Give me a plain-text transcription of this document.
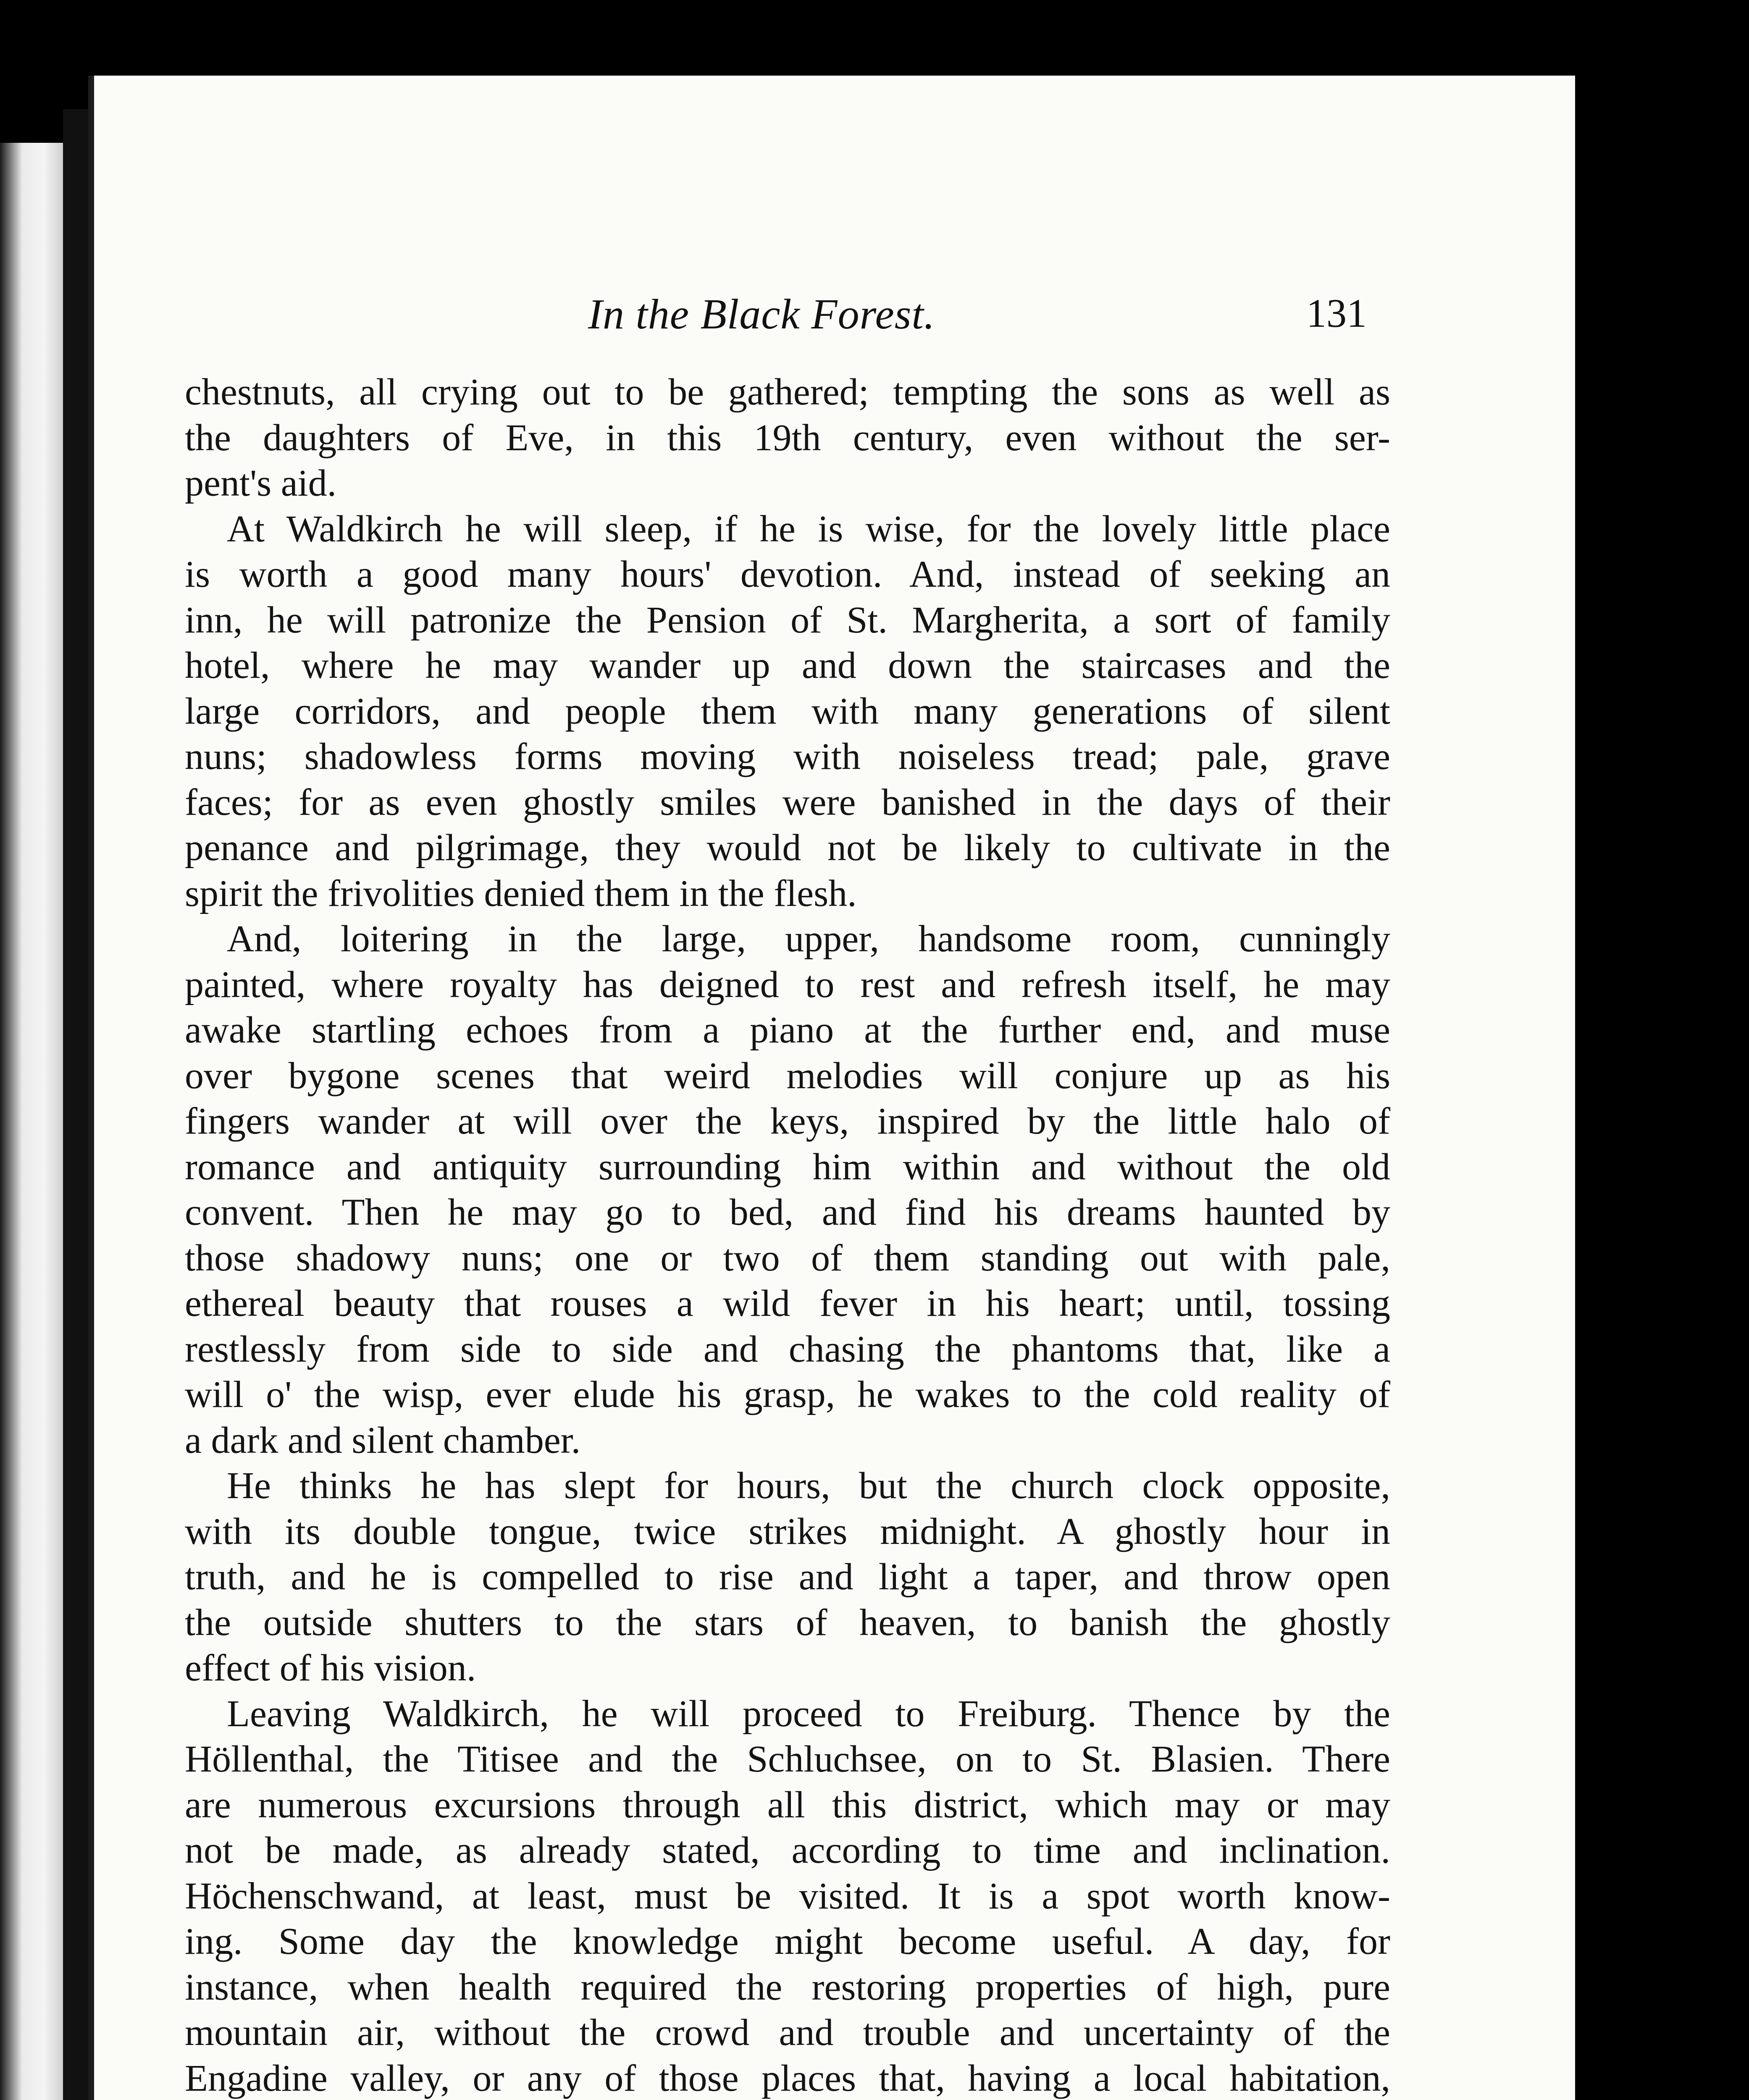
In the Black Forest.	131
chestnuts, all crying out to be gathered; tempting the sons as well as
the daughters of Eve, in this 19th century, even without the ser-
pent's aid.
At Waldkirch he will sleep, if he is wise, for the lovely little place
is worth a good many hours' devotion. And, instead of seeking an
inn, he will patronize the Pension of St. Margherita, a sort of family
hotel, where he may wander up and down the staircases and the
large corridors, and people them with many generations of silent
nuns; shadowless forms moving with noiseless tread; pale, grave
faces; for as even ghostly smiles were banished in the days of their
penance and pilgrimage, they would not be likely to cultivate in the
spirit the frivolities denied them in the flesh.
And, loitering in the large, upper, handsome room, cunningly
painted, where royalty has deigned to rest and refresh itself, he may
awake startling echoes from a piano at the further end, and muse
over bygone scenes that weird melodies will conjure up as his
fingers wander at will over the keys, inspired by the little halo of
romance and antiquity surrounding him within and without the old
convent. Then he may go to bed, and find his dreams haunted by
those shadowy nuns; one or two of them standing out with pale,
ethereal beauty that rouses a wild fever in his heart; until, tossing
restlessly from side to side and chasing the phantoms that, like a
will o' the wisp, ever elude his grasp, he wakes to the cold reality of
a dark and silent chamber.
He thinks he has slept for hours, but the church clock opposite,
with its double tongue, twice strikes midnight. A ghostly hour in
truth, and he is compelled to rise and light a taper, and throw open
the outside shutters to the stars of heaven, to banish the ghostly
effect of his vision.
Leaving Waldkirch, he will proceed to Freiburg. Thence by the
Höllenthal, the Titisee and the Schluchsee, on to St. Blasien. There
are numerous excursions through all this district, which may or may
not be made, as already stated, according to time and inclination.
Höchenschwand, at least, must be visited. It is a spot worth know-
ing. Some day the knowledge might become useful. A day, for
instance, when health required the restoring properties of high, pure
mountain air, without the crowd and trouble and uncertainty of the
Engadine valley, or any of those places that, having a local habitation,
